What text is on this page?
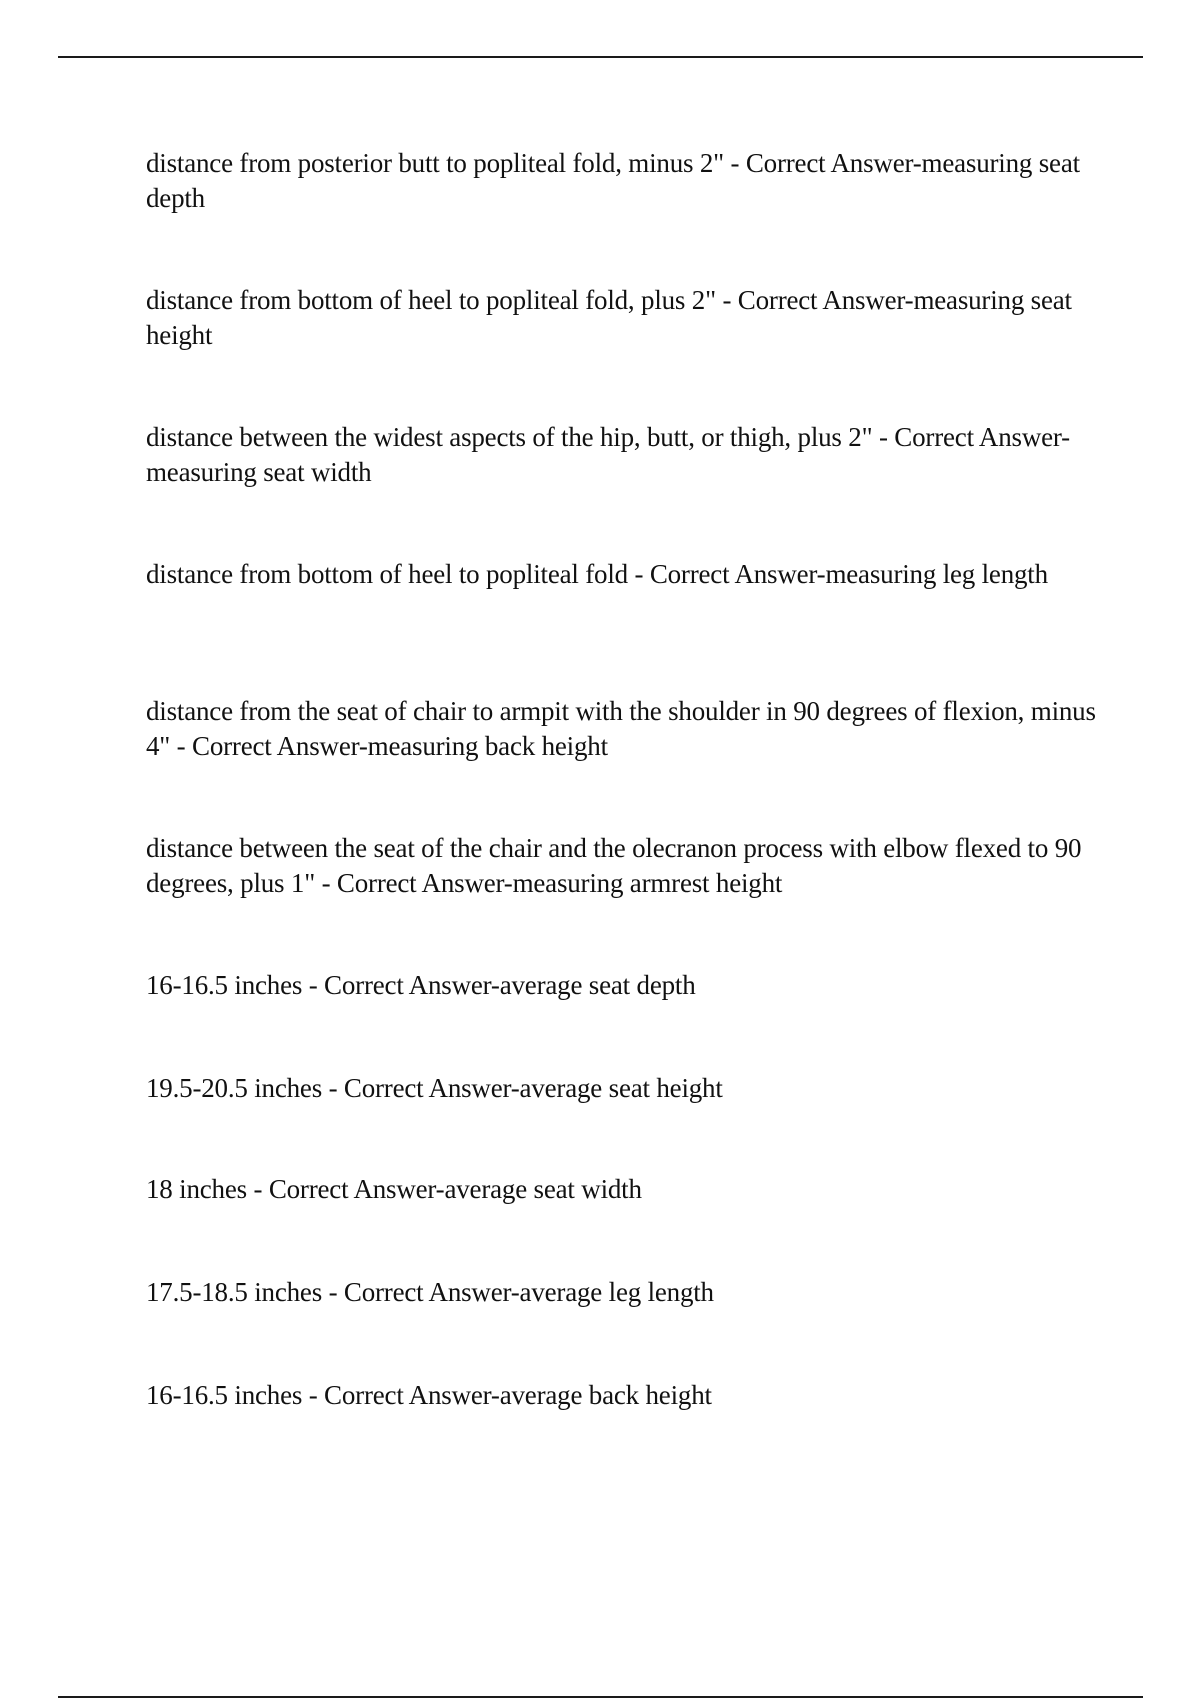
distance from posterior butt to popliteal fold, minus 2" - Correct Answer-measuring seat depth

distance from bottom of heel to popliteal fold, plus 2" - Correct Answer-measuring seat height

distance between the widest aspects of the hip, butt, or thigh, plus 2" - Correct Answer-measuring seat width

distance from bottom of heel to popliteal fold - Correct Answer-measuring leg length

distance from the seat of chair to armpit with the shoulder in 90 degrees of flexion, minus 4" - Correct Answer-measuring back height

distance between the seat of the chair and the olecranon process with elbow flexed to 90 degrees, plus 1" - Correct Answer-measuring armrest height

16-16.5 inches - Correct Answer-average seat depth

19.5-20.5 inches - Correct Answer-average seat height

18 inches - Correct Answer-average seat width

17.5-18.5 inches - Correct Answer-average leg length

16-16.5 inches - Correct Answer-average back height
